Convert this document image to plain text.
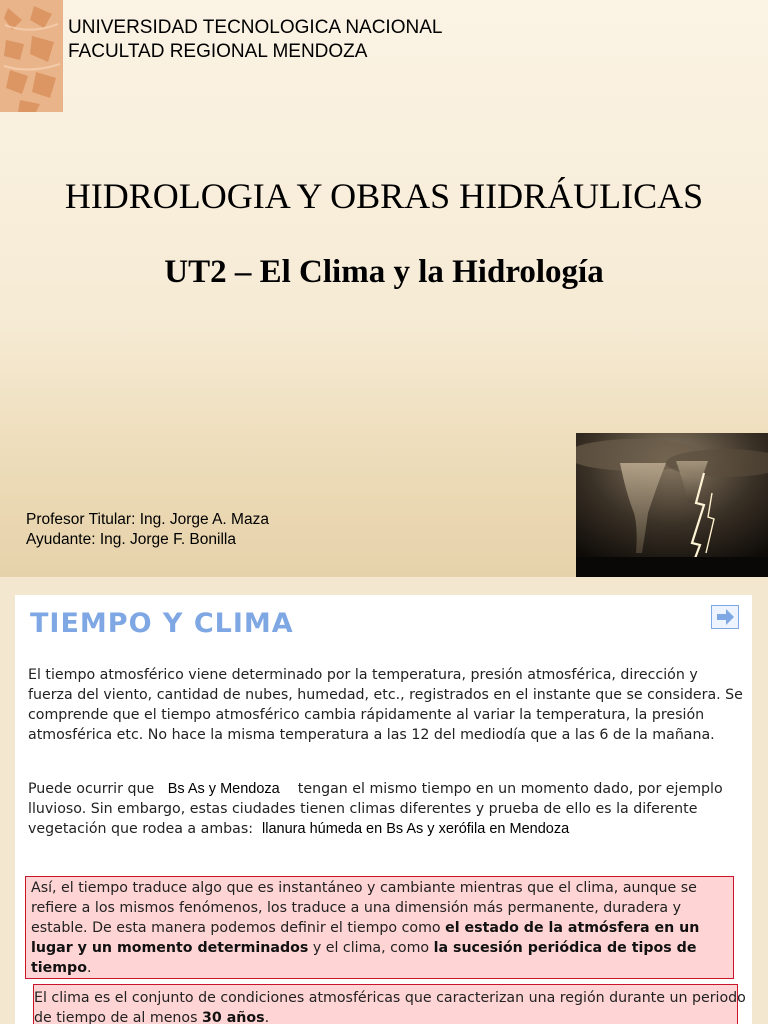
UNIVERSIDAD TECNOLOGICA NACIONAL
FACULTAD REGIONAL MENDOZA
HIDROLOGIA Y OBRAS HIDRÁULICAS
UT2 – El Clima y la Hidrología
Profesor Titular: Ing. Jorge A. Maza
Ayudante: Ing. Jorge F. Bonilla
TIEMPO Y CLIMA

El tiempo atmosférico viene determinado por la temperatura, presión atmosférica, dirección y fuerza del viento, cantidad de nubes, humedad, etc., registrados en el instante que se considera. Se comprende que el tiempo atmosférico cambia rápidamente al variar la temperatura, la presión atmosférica etc. No hace la misma temperatura a las 12 del mediodía que a las 6 de la mañana.

Puede ocurrir que Bs As y Mendoza tengan el mismo tiempo en un momento dado, por ejemplo lluvioso. Sin embargo, estas ciudades tienen climas diferentes y prueba de ello es la diferente vegetación que rodea a ambas: llanura húmeda en Bs As y xerófila en Mendoza

Así, el tiempo traduce algo que es instantáneo y cambiante mientras que el clima, aunque se refiere a los mismos fenómenos, los traduce a una dimensión más permanente, duradera y estable. De esta manera podemos definir el tiempo como el estado de la atmósfera en un lugar y un momento determinados y el clima, como la sucesión periódica de tipos de tiempo.

El clima es el conjunto de condiciones atmosféricas que caracterizan una región durante un periodo de tiempo de al menos 30 años.
